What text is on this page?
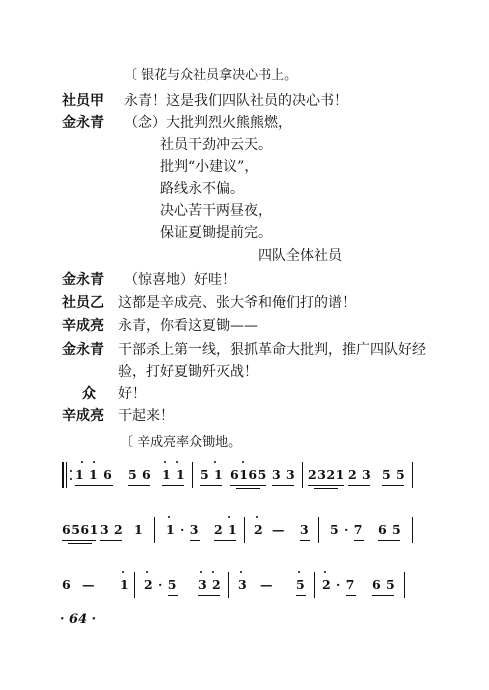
〔 银花与众社员拿决心书上。
社员甲 永青！这是我们四队社员的决心书！
金永青 （念）大批判烈火熊熊燃，
社员干劲冲云天。
批判“小建议”，
路线永不偏。
决心苦干两昼夜，
保证夏锄提前完。
四队全体社员
金永青 （惊喜地）好哇！
社员乙 这都是辛成亮、张大爷和俺们打的谱！
辛成亮 永青，你看这夏锄——
金永青 干部杀上第一线，狠抓革命大批判，推广四队好经
验，打好夏锄歼灭战！
众 好！
辛成亮 干起来！
〔 辛成亮率众锄地。
1 1 6 5 6 1 1 5 1 6165 3 3 2321 2 3 5 5
6561 3 2 1 1 · 3 2 1 2 — 3 5 · 7 6 5
6 — 1 2 · 5 3 2 3 — 5 2 · 7 6 5
· 64 ·
